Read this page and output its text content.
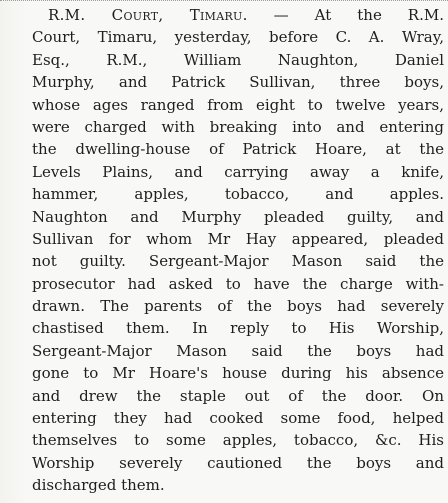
R.M. Court, Timaru. — At the R.M.
Court, Timaru, yesterday, before C. A. Wray,
Esq., R.M., William Naughton, Daniel
Murphy, and Patrick Sullivan, three boys,
whose ages ranged from eight to twelve years,
were charged with breaking into and entering
the dwelling-house of Patrick Hoare, at the
Levels Plains, and carrying away a knife,
hammer, apples, tobacco, and apples.
Naughton and Murphy pleaded guilty, and
Sullivan for whom Mr Hay appeared, pleaded
not guilty. Sergeant-Major Mason said the
prosecutor had asked to have the charge with-
drawn. The parents of the boys had severely
chastised them. In reply to His Worship,
Sergeant-Major Mason said the boys had
gone to Mr Hoare's house during his absence
and drew the staple out of the door. On
entering they had cooked some food, helped
themselves to some apples, tobacco, &c. His
Worship severely cautioned the boys and
discharged them.
